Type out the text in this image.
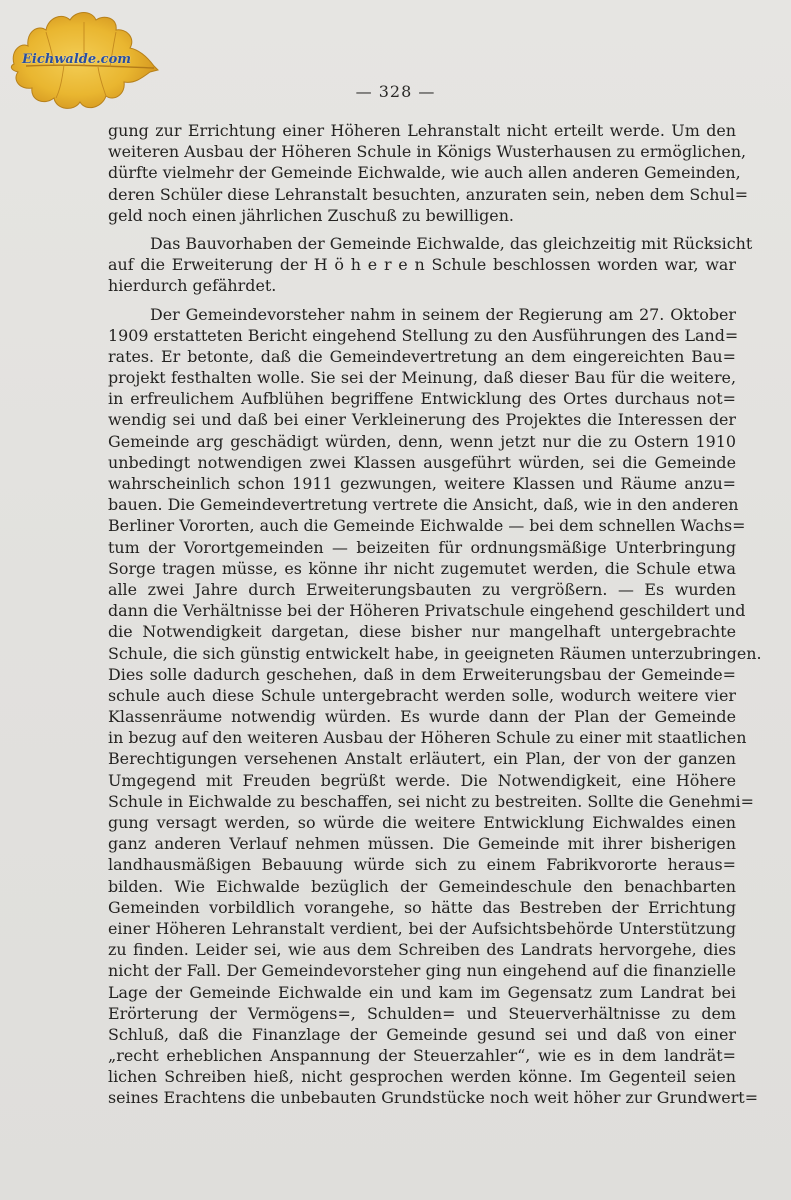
Eichwalde.com
— 328 —
gung zur Errichtung einer Höheren Lehranstalt nicht erteilt werde. Um den
weiteren Ausbau der Höheren Schule in Königs Wusterhausen zu ermöglichen,
dürfte vielmehr der Gemeinde Eichwalde, wie auch allen anderen Gemeinden,
deren Schüler diese Lehranstalt besuchten, anzuraten sein, neben dem Schul=
geld noch einen jährlichen Zuschuß zu bewilligen.
Das Bauvorhaben der Gemeinde Eichwalde, das gleichzeitig mit Rücksicht
auf die Erweiterung der H ö h e r e n Schule beschlossen worden war, war
hierdurch gefährdet.
Der Gemeindevorsteher nahm in seinem der Regierung am 27. Oktober
1909 erstatteten Bericht eingehend Stellung zu den Ausführungen des Land=
rates. Er betonte, daß die Gemeindevertretung an dem eingereichten Bau=
projekt festhalten wolle. Sie sei der Meinung, daß dieser Bau für die weitere,
in erfreulichem Aufblühen begriffene Entwicklung des Ortes durchaus not=
wendig sei und daß bei einer Verkleinerung des Projektes die Interessen der
Gemeinde arg geschädigt würden, denn, wenn jetzt nur die zu Ostern 1910
unbedingt notwendigen zwei Klassen ausgeführt würden, sei die Gemeinde
wahrscheinlich schon 1911 gezwungen, weitere Klassen und Räume anzu=
bauen. Die Gemeindevertretung vertrete die Ansicht, daß, wie in den anderen
Berliner Vororten, auch die Gemeinde Eichwalde — bei dem schnellen Wachs=
tum der Vorortgemeinden — beizeiten für ordnungsmäßige Unterbringung
Sorge tragen müsse, es könne ihr nicht zugemutet werden, die Schule etwa
alle zwei Jahre durch Erweiterungsbauten zu vergrößern. — Es wurden
dann die Verhältnisse bei der Höheren Privatschule eingehend geschildert und
die Notwendigkeit dargetan, diese bisher nur mangelhaft untergebrachte
Schule, die sich günstig entwickelt habe, in geeigneten Räumen unterzubringen.
Dies solle dadurch geschehen, daß in dem Erweiterungsbau der Gemeinde=
schule auch diese Schule untergebracht werden solle, wodurch weitere vier
Klassenräume notwendig würden. Es wurde dann der Plan der Gemeinde
in bezug auf den weiteren Ausbau der Höheren Schule zu einer mit staatlichen
Berechtigungen versehenen Anstalt erläutert, ein Plan, der von der ganzen
Umgegend mit Freuden begrüßt werde. Die Notwendigkeit, eine Höhere
Schule in Eichwalde zu beschaffen, sei nicht zu bestreiten. Sollte die Genehmi=
gung versagt werden, so würde die weitere Entwicklung Eichwaldes einen
ganz anderen Verlauf nehmen müssen. Die Gemeinde mit ihrer bisherigen
landhausmäßigen Bebauung würde sich zu einem Fabrikvororte heraus=
bilden. Wie Eichwalde bezüglich der Gemeindeschule den benachbarten
Gemeinden vorbildlich vorangehe, so hätte das Bestreben der Errichtung
einer Höheren Lehranstalt verdient, bei der Aufsichtsbehörde Unterstützung
zu finden. Leider sei, wie aus dem Schreiben des Landrats hervorgehe, dies
nicht der Fall. Der Gemeindevorsteher ging nun eingehend auf die finanzielle
Lage der Gemeinde Eichwalde ein und kam im Gegensatz zum Landrat bei
Erörterung der Vermögens=, Schulden= und Steuerverhältnisse zu dem
Schluß, daß die Finanzlage der Gemeinde gesund sei und daß von einer
„recht erheblichen Anspannung der Steuerzahler“, wie es in dem landrät=
lichen Schreiben hieß, nicht gesprochen werden könne. Im Gegenteil seien
seines Erachtens die unbebauten Grundstücke noch weit höher zur Grundwert=
